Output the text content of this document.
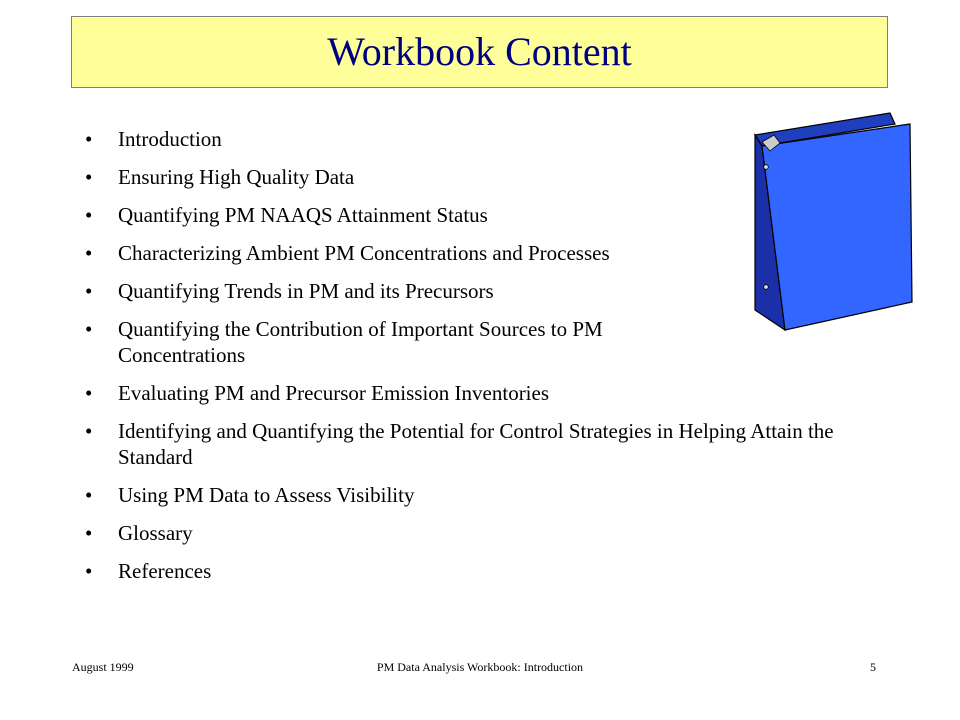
Workbook Content
•	Introduction
•	Ensuring High Quality Data
•	Quantifying PM NAAQS Attainment Status
•	Characterizing Ambient PM Concentrations and Processes
•	Quantifying Trends in PM and its Precursors
•	Quantifying the Contribution of Important Sources to PM Concentrations
•	Evaluating PM and Precursor Emission Inventories
•	Identifying and Quantifying the Potential for Control Strategies in Helping Attain the Standard
•	Using PM Data to Assess Visibility
•	Glossary
•	References
August 1999	PM Data Analysis Workbook: Introduction	5
